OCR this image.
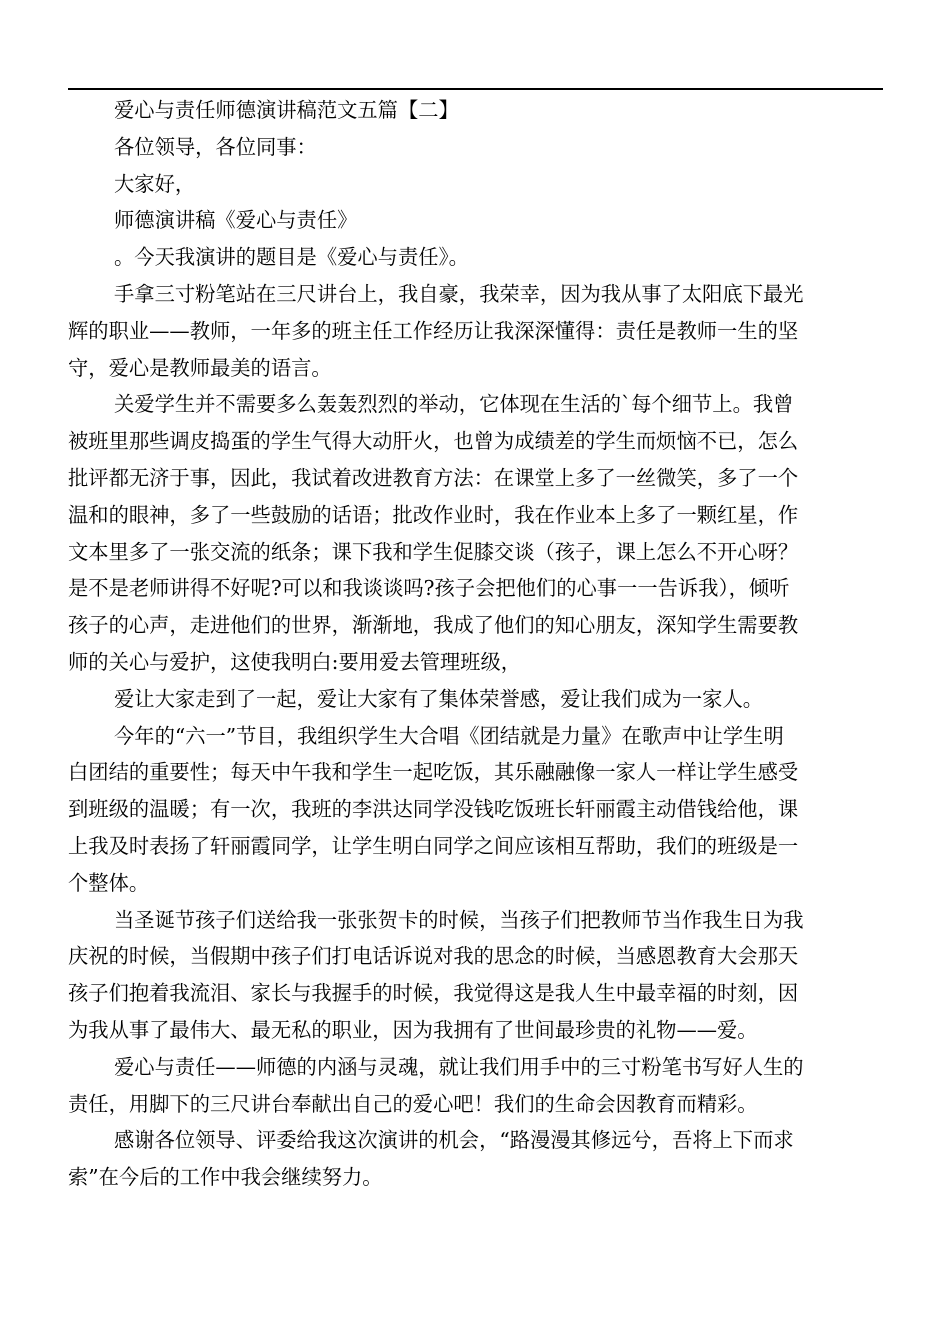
爱心与责任师德演讲稿范文五篇【二】

各位领导，各位同事：

大家好，

师德演讲稿《爱心与责任》

。今天我演讲的题目是《爱心与责任》。

手拿三寸粉笔站在三尺讲台上，我自豪，我荣幸，因为我从事了太阳底下最光

辉的职业——教师，一年多的班主任工作经历让我深深懂得：责任是教师一生的坚

守，爱心是教师最美的语言。

关爱学生并不需要多么轰轰烈烈的举动，它体现在生活的`每个细节上。我曾

被班里那些调皮捣蛋的学生气得大动肝火，也曾为成绩差的学生而烦恼不已，怎么

批评都无济于事，因此，我试着改进教育方法：在课堂上多了一丝微笑，多了一个

温和的眼神，多了一些鼓励的话语；批改作业时，我在作业本上多了一颗红星，作

文本里多了一张交流的纸条；课下我和学生促膝交谈（孩子，课上怎么不开心呀？

是不是老师讲得不好呢?可以和我谈谈吗?孩子会把他们的心事一一告诉我），倾听

孩子的心声，走进他们的世界，渐渐地，我成了他们的知心朋友，深知学生需要教

师的关心与爱护，这使我明白:要用爱去管理班级，

爱让大家走到了一起，爱让大家有了集体荣誉感，爱让我们成为一家人。

今年的“六一”节目，我组织学生大合唱《团结就是力量》在歌声中让学生明

白团结的重要性；每天中午我和学生一起吃饭，其乐融融像一家人一样让学生感受

到班级的温暖；有一次，我班的李洪达同学没钱吃饭班长轩丽霞主动借钱给他，课

上我及时表扬了轩丽霞同学，让学生明白同学之间应该相互帮助，我们的班级是一

个整体。

当圣诞节孩子们送给我一张张贺卡的时候，当孩子们把教师节当作我生日为我

庆祝的时候，当假期中孩子们打电话诉说对我的思念的时候，当感恩教育大会那天

孩子们抱着我流泪、家长与我握手的时候，我觉得这是我人生中最幸福的时刻，因

为我从事了最伟大、最无私的职业，因为我拥有了世间最珍贵的礼物——爱。

爱心与责任——师德的内涵与灵魂，就让我们用手中的三寸粉笔书写好人生的

责任，用脚下的三尺讲台奉献出自己的爱心吧！我们的生命会因教育而精彩。

感谢各位领导、评委给我这次演讲的机会，“路漫漫其修远兮，吾将上下而求

索”在今后的工作中我会继续努力。
